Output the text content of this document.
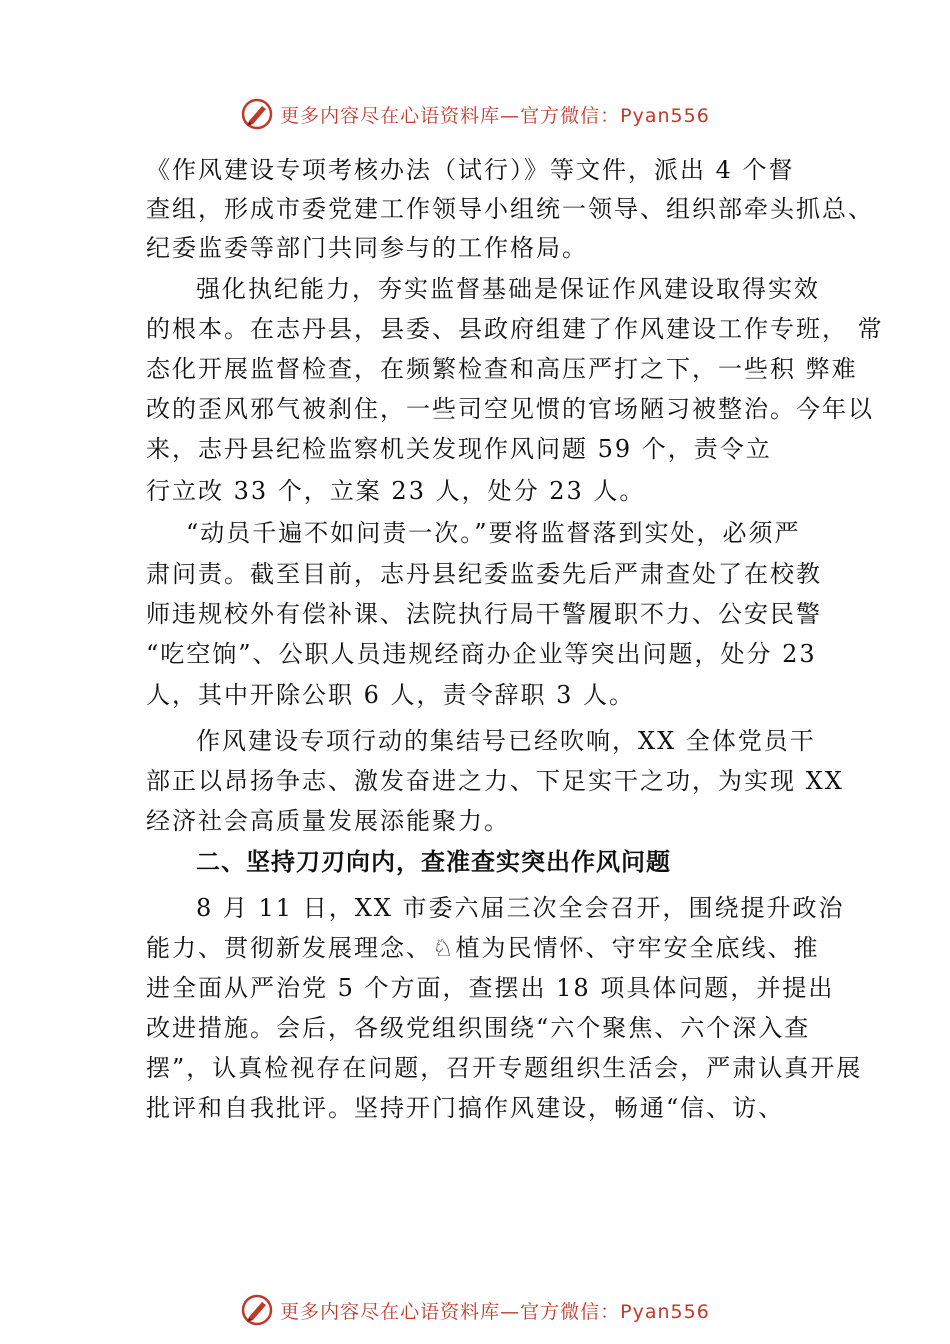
更多内容尽在心语资料库—官方微信：Pyan556
《作风建设专项考核办法（试行）》等文件，派出 4 个督
查组，形成市委党建工作领导小组统一领导、组织部牵头抓总、
纪委监委等部门共同参与的工作格局。
强化执纪能力，夯实监督基础是保证作风建设取得实效
的根本。在志丹县，县委、县政府组建了作风建设工作专班， 常
态化开展监督检查，在频繁检查和高压严打之下，一些积 弊难
改的歪风邪气被刹住，一些司空见惯的官场陋习被整治。今年以
来，志丹县纪检监察机关发现作风问题 59 个，责令立
行立改 33 个，立案 23 人，处分 23 人。
“动员千遍不如问责一次。”要将监督落到实处，必须严
肃问责。截至目前，志丹县纪委监委先后严肃查处了在校教
师违规校外有偿补课、法院执行局干警履职不力、公安民警
“吃空饷”、公职人员违规经商办企业等突出问题，处分 23
人，其中开除公职 6 人，责令辞职 3 人。
作风建设专项行动的集结号已经吹响，XX 全体党员干
部正以昂扬争志、激发奋进之力、下足实干之功，为实现 XX
经济社会高质量发展添能聚力。
二、坚持刀刃向内，查准查实突出作风问题
8 月 11 日，XX 市委六届三次全会召开，围绕提升政治
能力、贯彻新发展理念、♘植为民情怀、守牢安全底线、推
进全面从严治党 5 个方面，查摆出 18 项具体问题，并提出
改进措施。会后，各级党组织围绕“六个聚焦、六个深入查
摆”，认真检视存在问题，召开专题组织生活会，严肃认真开展
批评和自我批评。坚持开门搞作风建设，畅通“信、访、
更多内容尽在心语资料库—官方微信：Pyan556
